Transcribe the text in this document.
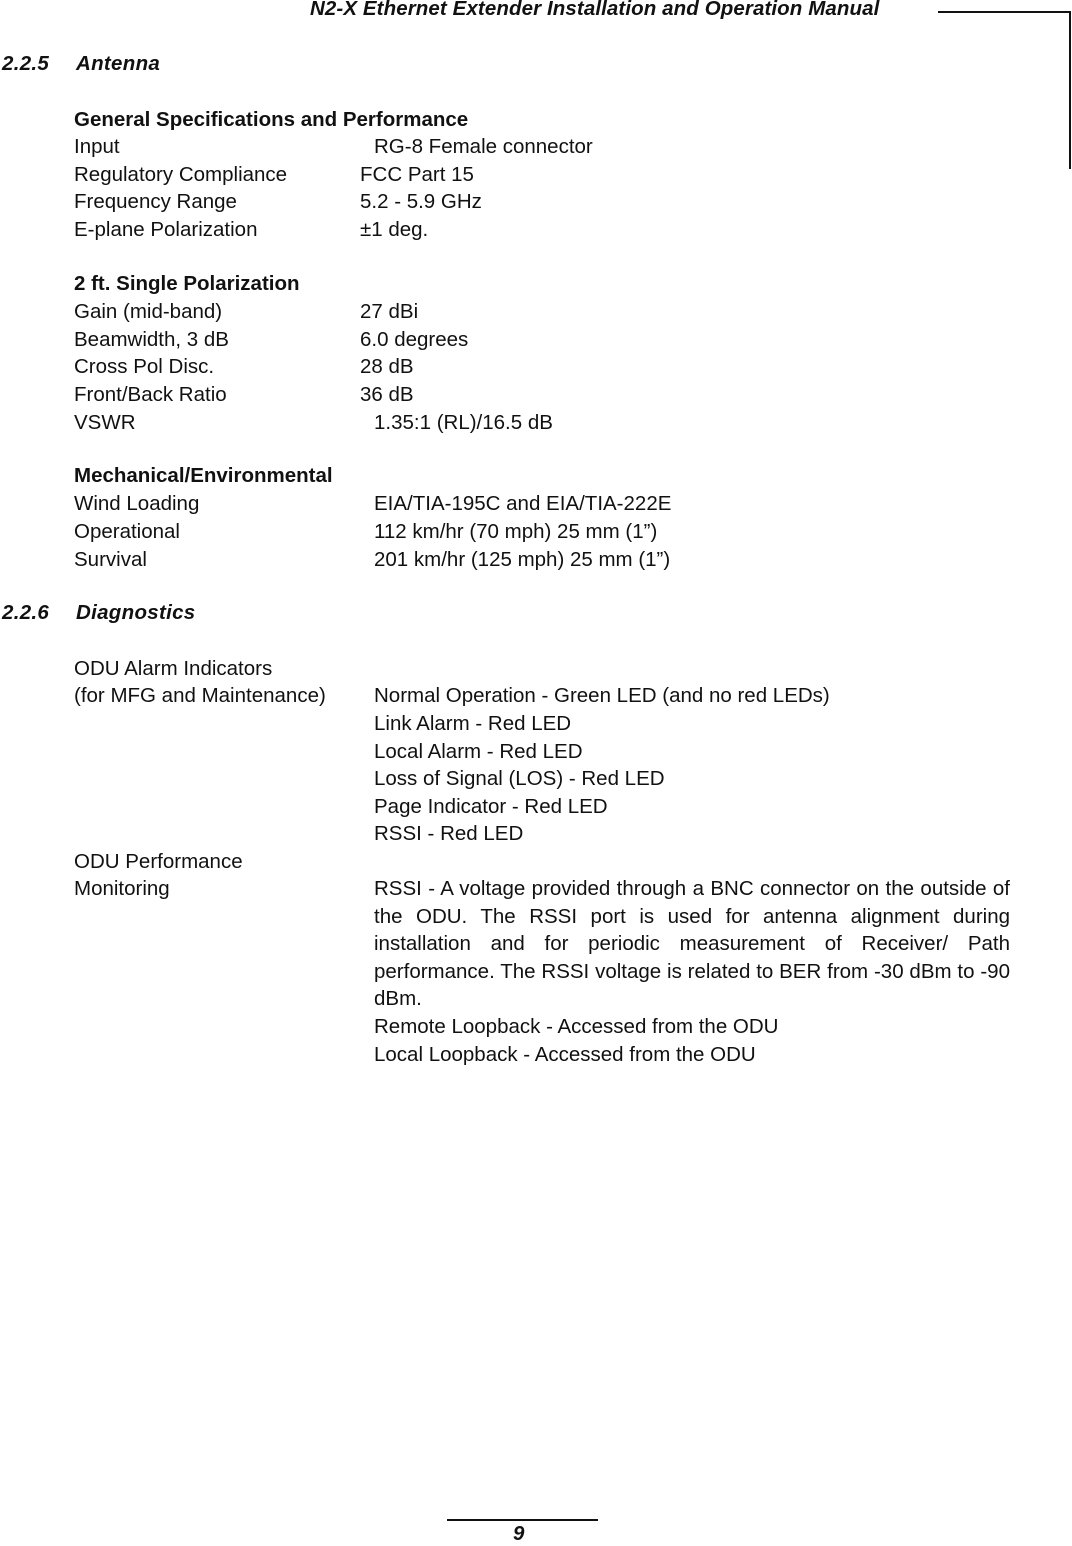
N2-X Ethernet Extender Installation and Operation Manual
2.2.5 Antenna
General Specifications and Performance
Input	RG-8 Female connector
Regulatory Compliance	FCC Part 15
Frequency Range	5.2 - 5.9 GHz
E-plane Polarization	±1 deg.
2 ft. Single Polarization
Gain (mid-band)	27 dBi
Beamwidth, 3 dB	6.0 degrees
Cross Pol Disc.	28 dB
Front/Back Ratio	36 dB
VSWR	1.35:1 (RL)/16.5 dB
Mechanical/Environmental
Wind Loading	EIA/TIA-195C and EIA/TIA-222E
Operational	112 km/hr (70 mph) 25 mm (1”)
Survival	201 km/hr (125 mph) 25 mm (1”)
2.2.6 Diagnostics
ODU Alarm Indicators
(for MFG and Maintenance) Normal Operation - Green LED (and no red LEDs)
Link Alarm - Red LED
Local Alarm - Red LED
Loss of Signal (LOS) - Red LED
Page Indicator - Red LED
RSSI - Red LED
ODU Performance
Monitoring	RSSI - A voltage provided through a BNC connector on the outside of the ODU. The RSSI port is used for antenna alignment during installation and for periodic measurement of Receiver/ Path performance. The RSSI voltage is related to BER from -30 dBm to -90 dBm.
Remote Loopback - Accessed from the ODU
Local Loopback - Accessed from the ODU
9
